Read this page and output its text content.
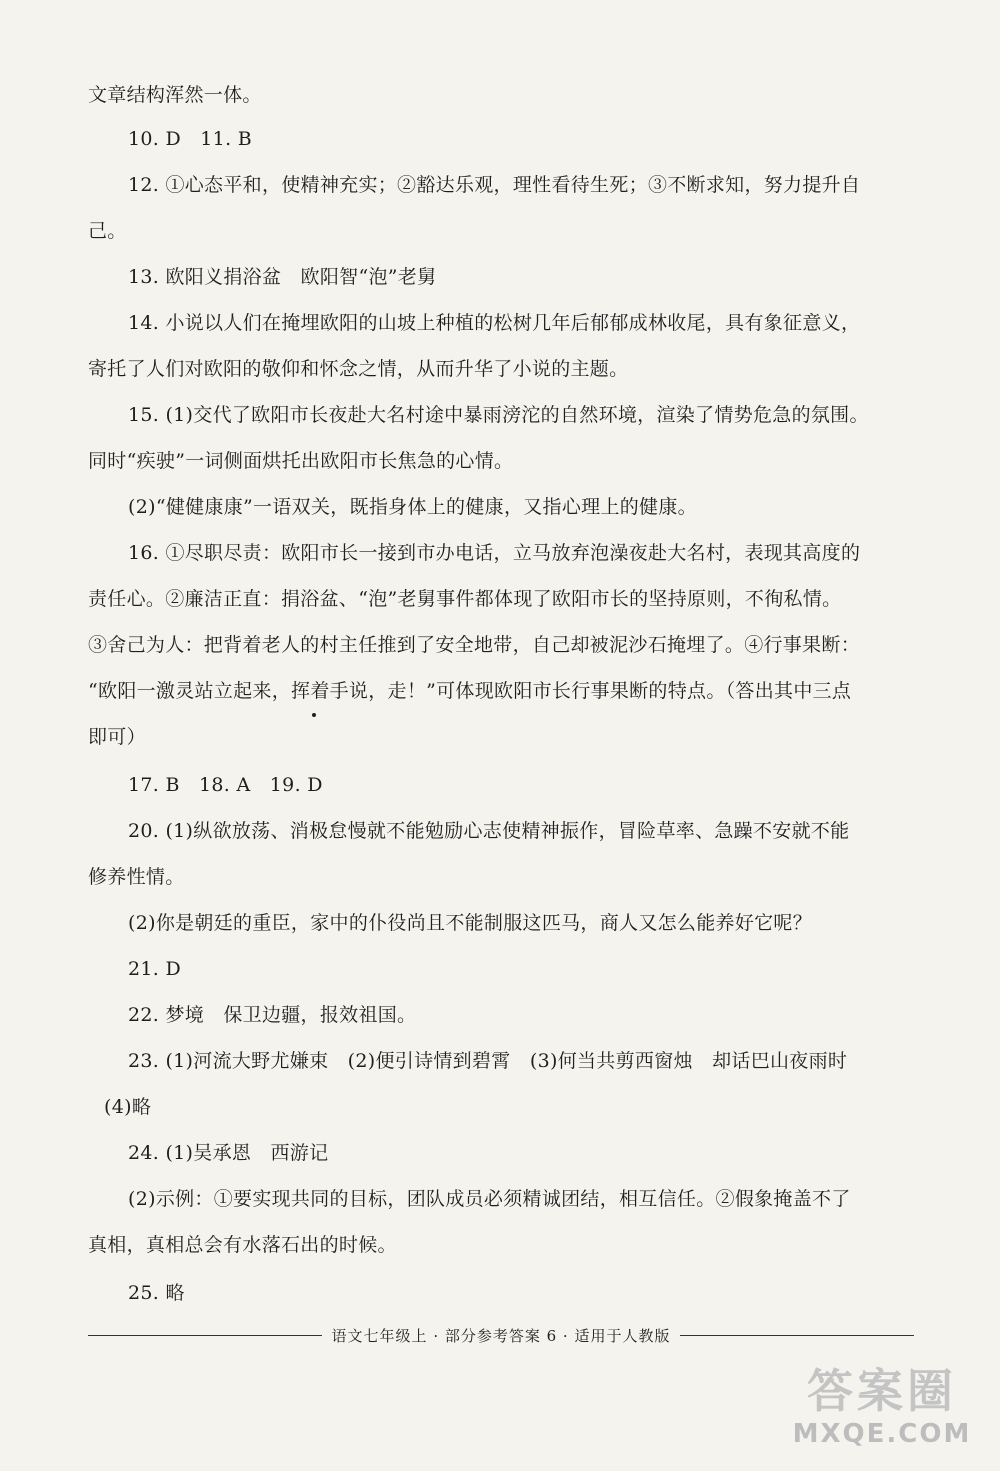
文章结构浑然一体。
10. D　11. B
12. ①心态平和，使精神充实；②豁达乐观，理性看待生死；③不断求知，努力提升自
己。
13. 欧阳义捐浴盆　欧阳智“泡”老舅
14. 小说以人们在掩埋欧阳的山坡上种植的松树几年后郁郁成林收尾，具有象征意义，
寄托了人们对欧阳的敬仰和怀念之情，从而升华了小说的主题。
15. (1)交代了欧阳市长夜赴大名村途中暴雨滂沱的自然环境，渲染了情势危急的氛围。
同时“疾驶”一词侧面烘托出欧阳市长焦急的心情。
(2)“健健康康”一语双关，既指身体上的健康，又指心理上的健康。
16. ①尽职尽责：欧阳市长一接到市办电话，立马放弃泡澡夜赴大名村，表现其高度的
责任心。②廉洁正直：捐浴盆、“泡”老舅事件都体现了欧阳市长的坚持原则，不徇私情。
③舍己为人：把背着老人的村主任推到了安全地带，自己却被泥沙石掩埋了。④行事果断：
“欧阳一激灵站立起来，挥着手说，走！”可体现欧阳市长行事果断的特点。（答出其中三点
即可）
17. B　18. A　19. D
20. (1)纵欲放荡、消极怠慢就不能勉励心志使精神振作，冒险草率、急躁不安就不能
修养性情。
(2)你是朝廷的重臣，家中的仆役尚且不能制服这匹马，商人又怎么能养好它呢？
21. D
22. 梦境　保卫边疆，报效祖国。
23. (1)河流大野尤嫌束　(2)便引诗情到碧霄　(3)何当共剪西窗烛　却话巴山夜雨时
(4)略
24. (1)吴承恩　西游记
(2)示例：①要实现共同的目标，团队成员必须精诚团结，相互信任。②假象掩盖不了
真相，真相总会有水落石出的时候。
25. 略
语文七年级上 · 部分参考答案 6 · 适用于人教版
答案圈
MXQE.COM
